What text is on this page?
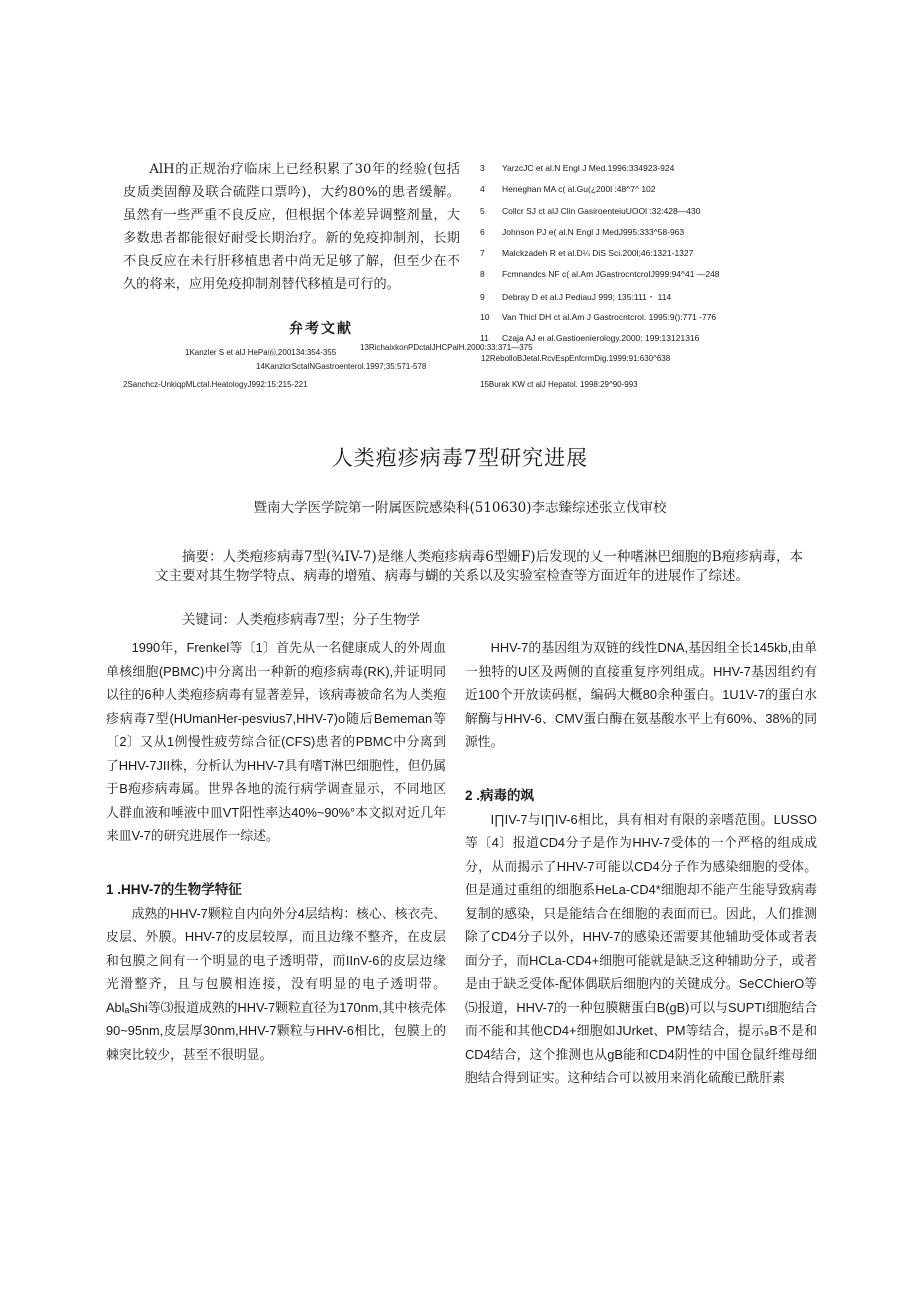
AlH的正规治疗临床上已经积累了30年的经验(包括皮质类固醇及联合硫陛口票吟)，大约80%的患者缓解。虽然有一些严重不良反应，但根据个体差异调整剂量，大多数患者都能很好耐受长期治疗。新的免疫抑制剂，长期不良反应在未行肝移植患者中尚无足够了解，但至少在不久的将来，应用免疫抑制剂替代移植是可行的。

弁考文献
1Kanzler S et alJ HePa⑹,200134:354-355
13RichaixkonPDctalJHCPalH.2000:33:371—375
14KanzlcrSctalNGastroenterol.1997;35:571-578
2Sanchcz-UnkiqpMLctal.HeatologyJ992:15:215-221	15Burak KW ct alJ Hepatol. 1998:29^90-993
3 YarzcJC et al.N Engl J Med.1996:334923-924
4 Heneghan MA c( al.Gu(¿200l :48^7^ 102
5 Collcr SJ ct alJ Clin GasiroenteiuUOOl :32:428—430
6 Johnson PJ e( al.N Engl J MedJ995:333^58-963
7 Malckzadeh R et al.D¼ DiS Sci.200l;46:1321-1327
8 Fcmnandcs NF c( al.Am JGastrocntcroIJ999:94^41 —248
9 Debray D et al.J PediauJ 999; 135:111・ 114
10 Van Thicl DH ct al.Am J Gastrocntcrol. 1995:9():771 -776
11 Czaja AJ eι al.Gastioenierology.2000: 199:13121316
12RebolloBJetal.RcvEspEnfcrmDig.1999:91:630^638
人类疱疹病毒7型研究进展
暨南大学医学院第一附属医院感染科(510630)李志臻综述张立伐审校

摘要：人类疱疹病毒7型(¾IV-7)是继人类疱疹病毒6型姗F)后发现的乂一种嗜淋巴细胞的B疱疹病毒，本文主要对其生物学特点、病毒的增殖、病毒与蝴的关系以及实验室检查等方面近年的进展作了综述。

关键词：人类疱疹病毒7型；分子生物学

1990年，Frenkel等〔1〕首先从一名健康成人的外周血单核细胞(PBMC)中分离出一种新的疱疹病毒(RK),并证明同以往的6种人类疱疹病毒有显著差异，该病毒被命名为人类疱疹病毒7型(HUmanHer-pesvius7,HHV-7)o随后Bememan等〔2〕又从1例慢性疲劳综合征(CFS)患者的PBMC中分离到了HHV-7JII株，分析认为HHV-7具有嗜T淋巴细胞性，但仍属于B疱疹病毒属。世界各地的流行病学调查显示，不同地区人群血液和唾液中皿VT阳性率达40%~90%°本文拟对近几年来皿V-7的研究进展作一综述。

1 .HHV-7的生物学特征

成熟的HHV-7颗粒自内向外分4层结构：核心、核衣壳、皮层、外膜。HHV-7的皮层较厚，而且边缘不整齐，在皮层和包膜之间有一个明显的电子透明带，而IInV-6的皮层边缘光滑整齐，且与包膜相连接，没有明显的电子透明带。AblₐShi等⑶报道成熟的HHV-7颗粒直径为170nm,其中核壳体90~95nm,皮层厚30nm,HHV-7颗粒与HHV-6相比，包膜上的棘突比较少，甚至不很明显。

HHV-7的基因组为双链的线性DNA,基因组全长145kb,由单一独特的U区及两侧的直接重复序列组成。HHV-7基因组约有近100个开放读码框，编码大概80余种蛋白。1U1V-7的蛋白水解酶与HHV-6、CMV蛋白酶在氨基酸水平上有60%、38%的同源性。

2 .病毒的飒

I∏IV-7与I∏IV-6相比，具有相对有限的亲嗜范围。LUSSO等〔4〕报道CD4分子是作为HHV-7受体的一个严格的组成成分，从而揭示了HHV-7可能以CD4分子作为感染细胞的受体。但是通过重组的细胞系HeLa-CD4*细胞却不能产生能导致病毒复制的感染，只是能结合在细胞的表面而已。因此，人们推测除了CD4分子以外，HHV-7的感染还需要其他辅助受体或者表面分子，而HCLa-CD4+细胞可能就是缺乏这种辅助分子，或者是由于缺乏受体-配体偶联后细胞内的关键成分。SeCChierO等⑸报道，HHV-7的一种包膜糖蛋白B(gB)可以与SUPTI细胞结合而不能和其他CD4+细胞如JUrket、PM等结合，提示₉B不是和CD4结合，这个推测也从gB能和CD4阴性的中国仓鼠纤维母细胞结合得到证实。这种结合可以被用来消化硫酸已酰肝素
